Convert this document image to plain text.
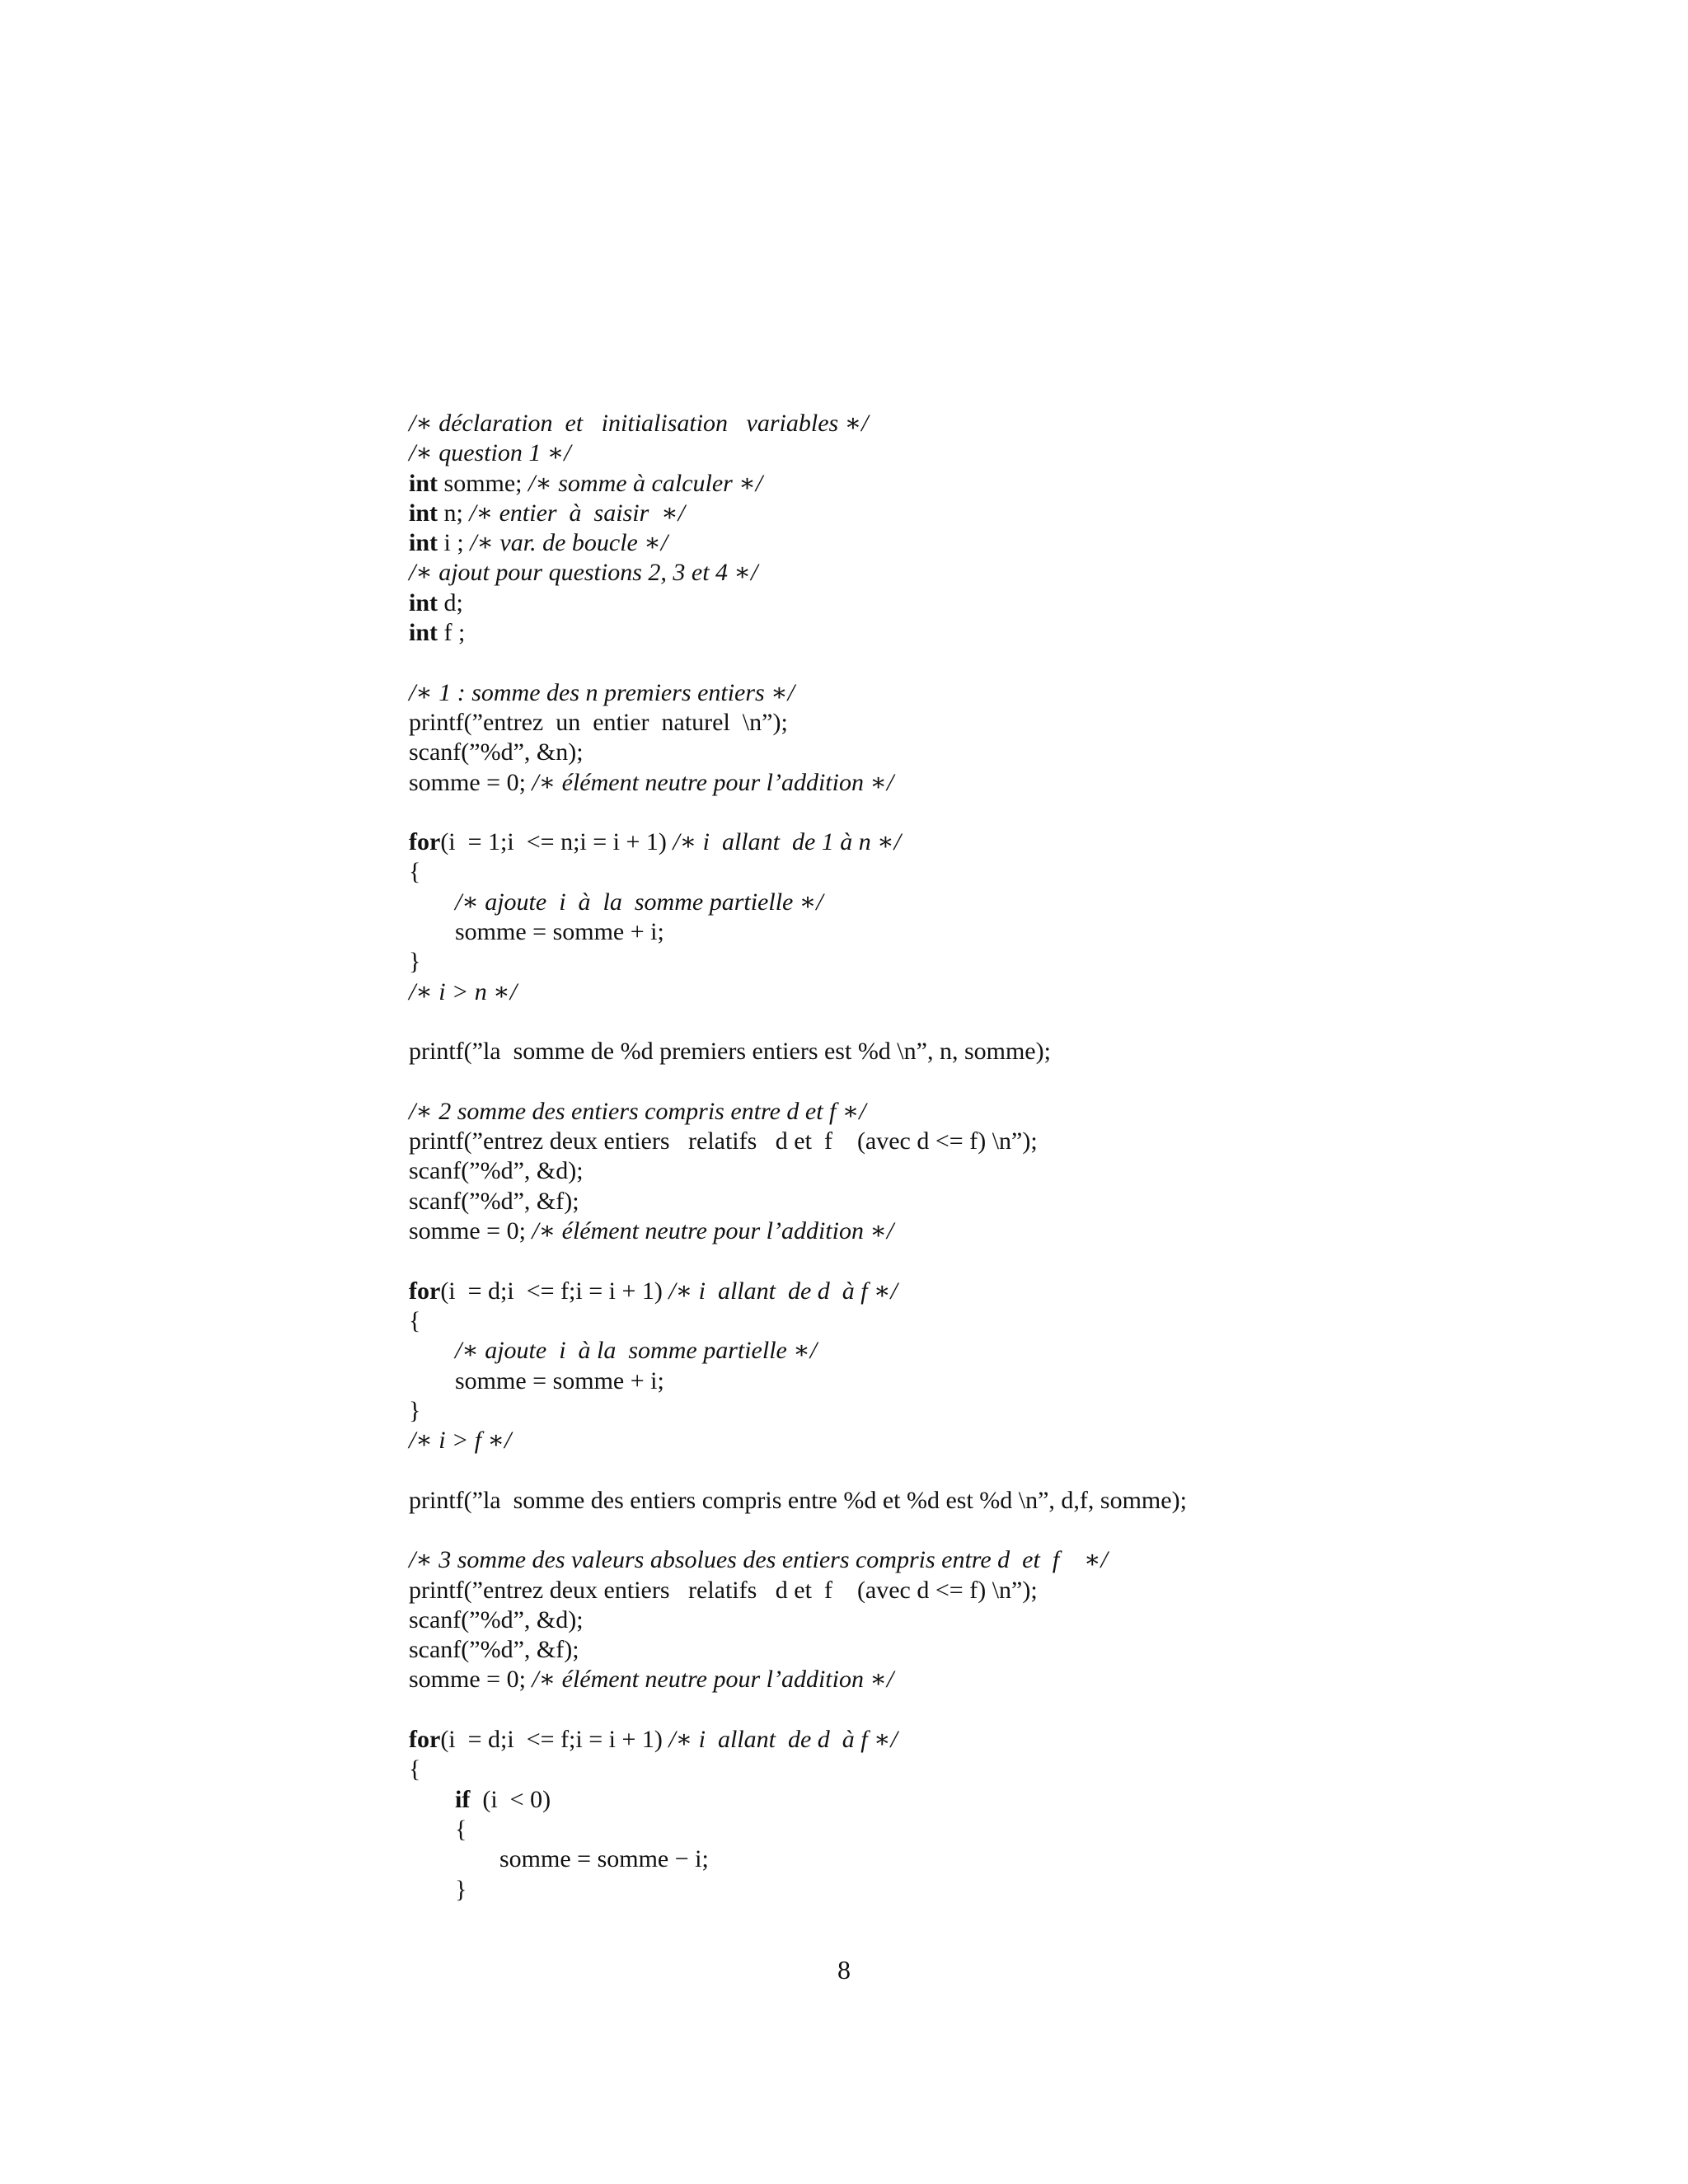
/∗ déclaration  et   initialisation   variables ∗/
/∗ question 1 ∗/
int somme; /∗ somme à calculer ∗/
int n; /∗ entier  à  saisir  ∗/
int i ; /∗ var. de boucle ∗/
/∗ ajout pour questions 2, 3 et 4 ∗/
int d;
int f ;
/∗ 1 : somme des n premiers entiers ∗/
printf(”entrez  un  entier  naturel  \n”);
scanf(”%d”, &n);
somme = 0; /∗ élément neutre pour l’addition ∗/
for(i  = 1;i  <= n;i = i + 1) /∗ i  allant  de 1 à n ∗/
{
/∗ ajoute  i  à  la  somme partielle ∗/
somme = somme + i;
}
/∗ i > n ∗/
printf(”la  somme de %d premiers entiers est %d \n”, n, somme);
/∗ 2 somme des entiers compris entre d et f ∗/
printf(”entrez deux entiers   relatifs   d et  f    (avec d <= f) \n”);
scanf(”%d”, &d);
scanf(”%d”, &f);
somme = 0; /∗ élément neutre pour l’addition ∗/
for(i  = d;i  <= f;i = i + 1) /∗ i  allant  de d  à f ∗/
{
/∗ ajoute  i  à la  somme partielle ∗/
somme = somme + i;
}
/∗ i > f ∗/
printf(”la  somme des entiers compris entre %d et %d est %d \n”, d,f, somme);
/∗ 3 somme des valeurs absolues des entiers compris entre d  et  f    ∗/
printf(”entrez deux entiers   relatifs   d et  f    (avec d <= f) \n”);
scanf(”%d”, &d);
scanf(”%d”, &f);
somme = 0; /∗ élément neutre pour l’addition ∗/
for(i  = d;i  <= f;i = i + 1) /∗ i  allant  de d  à f ∗/
{
if  (i  < 0)
{
somme = somme − i;
}
8
